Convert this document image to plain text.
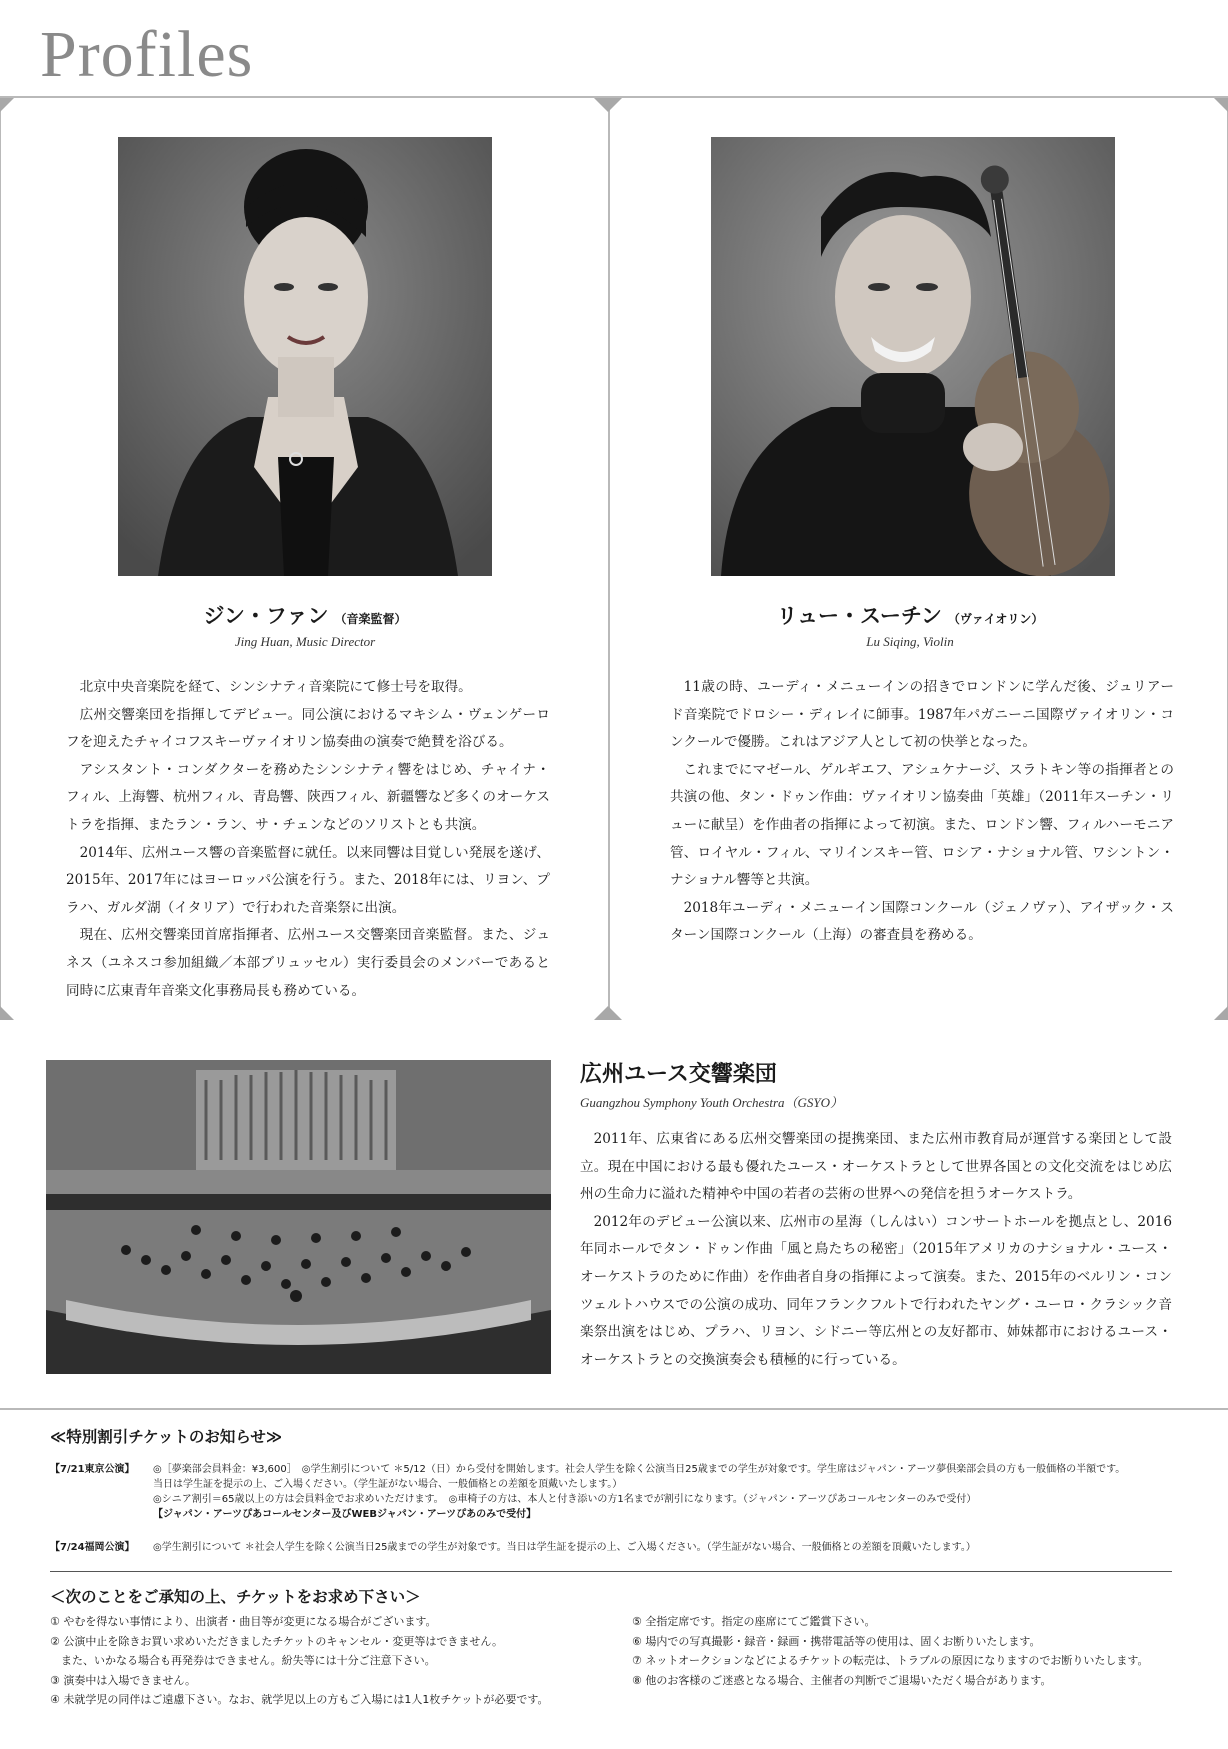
Profiles
ジン・ファン （音楽監督）
Jing Huan, Music Director
リュー・スーチン （ヴァイオリン）
Lu Siqing, Violin

北京中央音楽院を経て、シンシナティ音楽院にて修士号を取得。

広州交響楽団を指揮してデビュー。同公演におけるマキシム・ヴェンゲーロフを迎えたチャイコフスキーヴァイオリン協奏曲の演奏で絶賛を浴びる。

アシスタント・コンダクターを務めたシンシナティ響をはじめ、チャイナ・フィル、上海響、杭州フィル、青島響、陝西フィル、新疆響など多くのオーケストラを指揮、またラン・ラン、サ・チェンなどのソリストとも共演。

2014年、広州ユース響の音楽監督に就任。以来同響は目覚しい発展を遂げ、2015年、2017年にはヨーロッパ公演を行う。また、2018年には、リヨン、プラハ、ガルダ湖（イタリア）で行われた音楽祭に出演。

現在、広州交響楽団首席指揮者、広州ユース交響楽団音楽監督。また、ジュネス（ユネスコ参加組織／本部ブリュッセル）実行委員会のメンバーであると同時に広東青年音楽文化事務局長も務めている。

11歳の時、ユーディ・メニューインの招きでロンドンに学んだ後、ジュリアード音楽院でドロシー・ディレイに師事。1987年パガニーニ国際ヴァイオリン・コンクールで優勝。これはアジア人として初の快挙となった。

これまでにマゼール、ゲルギエフ、アシュケナージ、スラトキン等の指揮者との共演の他、タン・ドゥン作曲：ヴァイオリン協奏曲「英雄」（2011年スーチン・リューに献呈）を作曲者の指揮によって初演。また、ロンドン響、フィルハーモニア管、ロイヤル・フィル、マリインスキー管、ロシア・ナショナル管、ワシントン・ナショナル響等と共演。

2018年ユーディ・メニューイン国際コンクール（ジェノヴァ）、アイザック・スターン国際コンクール（上海）の審査員を務める。

広州ユース交響楽団
Guangzhou Symphony Youth Orchestra（GSYO）

2011年、広東省にある広州交響楽団の提携楽団、また広州市教育局が運営する楽団として設立。現在中国における最も優れたユース・オーケストラとして世界各国との文化交流をはじめ広州の生命力に溢れた精神や中国の若者の芸術の世界への発信を担うオーケストラ。

2012年のデビュー公演以来、広州市の星海（しんはい）コンサートホールを拠点とし、2016年同ホールでタン・ドゥン作曲「風と鳥たちの秘密」（2015年アメリカのナショナル・ユース・オーケストラのために作曲）を作曲者自身の指揮によって演奏。また、2015年のベルリン・コンツェルトハウスでの公演の成功、同年フランクフルトで行われたヤング・ユーロ・クラシック音楽祭出演をはじめ、プラハ、リヨン、シドニー等広州との友好都市、姉妹都市におけるユース・オーケストラとの交換演奏会も積極的に行っている。

≪特別割引チケットのお知らせ≫
【7/21東京公演】 ◎［夢楽部会員料金：¥3,600］　◎学生割引について ＊5/12（日）から受付を開始します。社会人学生を除く公演当日25歳までの学生が対象です。学生席はジャパン・アーツ夢倶楽部会員の方も一般価格の半額です。
当日は学生証を提示の上、ご入場ください。（学生証がない場合、一般価格との差額を頂戴いたします。）
◎シニア割引＝65歳以上の方は会員料金でお求めいただけます。　◎車椅子の方は、本人と付き添いの方1名までが割引になります。（ジャパン・アーツぴあコールセンターのみで受付）
【ジャパン・アーツぴあコールセンター及びWEBジャパン・アーツぴあのみで受付】
【7/24福岡公演】 ◎学生割引について ＊社会人学生を除く公演当日25歳までの学生が対象です。当日は学生証を提示の上、ご入場ください。（学生証がない場合、一般価格との差額を頂戴いたします。）
＜次のことをご承知の上、チケットをお求め下さい＞
① やむを得ない事情により、出演者・曲目等が変更になる場合がございます。
② 公演中止を除きお買い求めいただきましたチケットのキャンセル・変更等はできません。
　また、いかなる場合も再発券はできません。紛失等には十分ご注意下さい。
③ 演奏中は入場できません。
④ 未就学児の同伴はご遠慮下さい。なお、就学児以上の方もご入場には1人1枚チケットが必要です。
⑤ 全指定席です。指定の座席にてご鑑賞下さい。
⑥ 場内での写真撮影・録音・録画・携帯電話等の使用は、固くお断りいたします。
⑦ ネットオークションなどによるチケットの転売は、トラブルの原因になりますのでお断りいたします。
⑧ 他のお客様のご迷惑となる場合、主催者の判断でご退場いただく場合があります。
